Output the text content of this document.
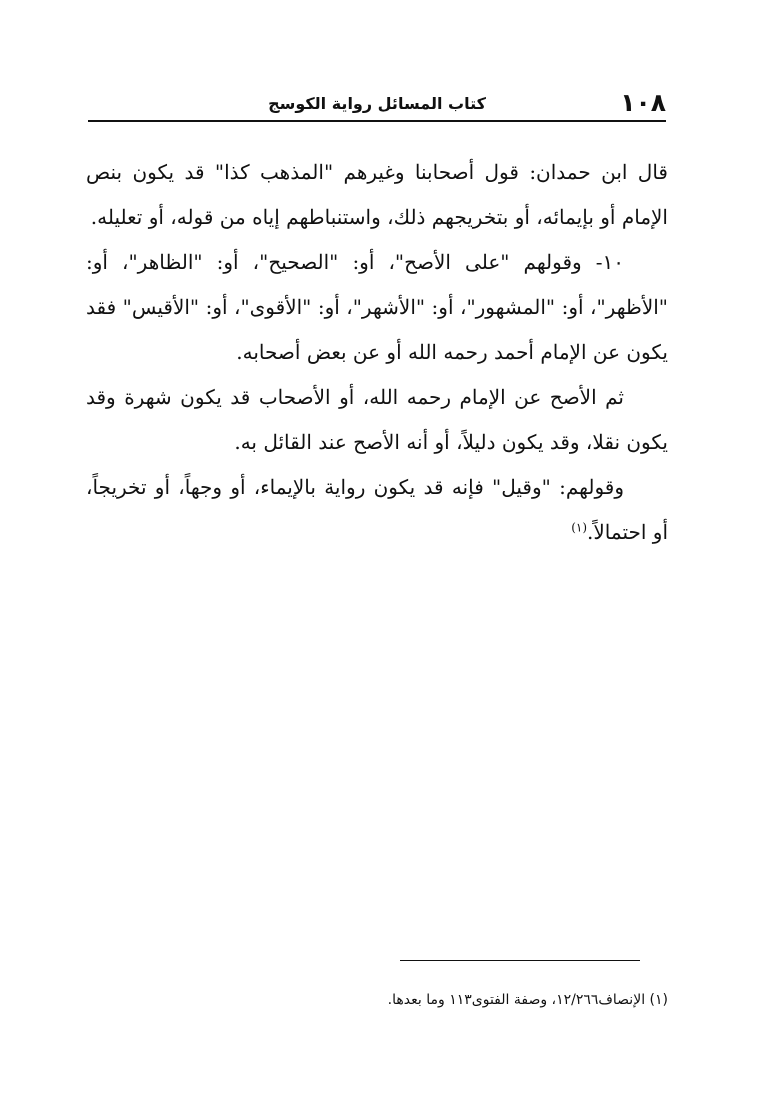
١٠٨
كتاب المسائل رواية الكوسج

قال ابن حمدان: قول أصحابنا وغيرهم "المذهب كذا" قد يكون بنص الإمام أو بإيمائه، أو بتخريجهم ذلك، واستنباطهم إياه من قوله، أو تعليله.

١٠- وقولهم "على الأصح"، أو: "الصحيح"، أو: "الظاهر"، أو: "الأظهر"، أو: "المشهور"، أو: "الأشهر"، أو: "الأقوى"، أو: "الأقيس" فقد يكون عن الإمام أحمد رحمه الله أو عن بعض أصحابه.

ثم الأصح عن الإمام رحمه الله، أو الأصحاب قد يكون شهرة وقد يكون نقلا، وقد يكون دليلاً، أو أنه الأصح عند القائل به.

وقولهم: "وقيل" فإنه قد يكون رواية بالإيماء، أو وجهاً، أو تخريجاً، أو احتمالاً.$^{(١)}$

(١) الإنصاف١٢/٢٦٦، وصفة الفتوى١١٣ وما بعدها.
